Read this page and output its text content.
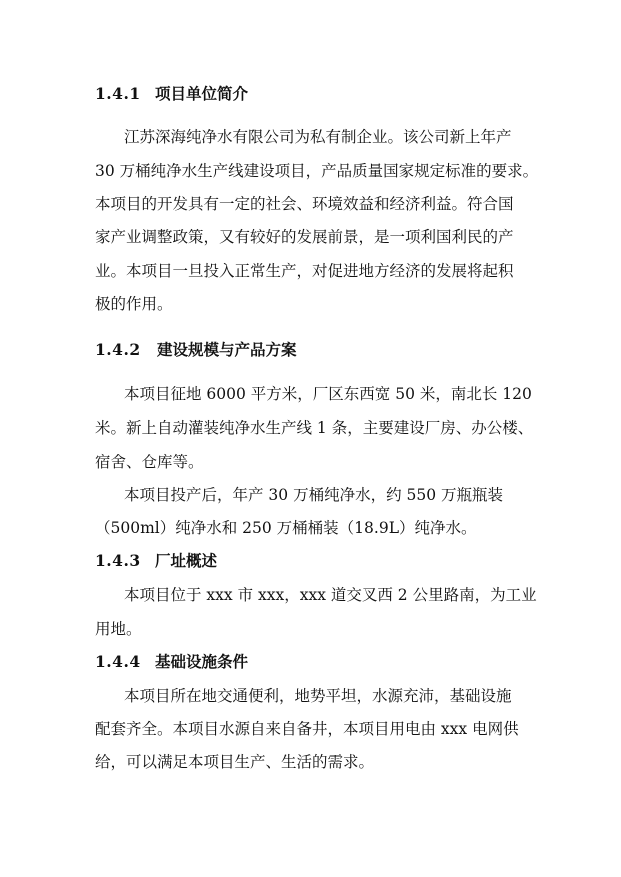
1.4.1 项目单位简介
江苏深海纯净水有限公司为私有制企业。该公司新上年产
30 万桶纯净水生产线建设项目，产品质量国家规定标准的要求。
本项目的开发具有一定的社会、环境效益和经济利益。符合国
家产业调整政策，又有较好的发展前景，是一项利国利民的产
业。本项目一旦投入正常生产，对促进地方经济的发展将起积
极的作用。
1.4.2 建设规模与产品方案
本项目征地 6000 平方米，厂区东西宽 50 米，南北长 120
米。新上自动灌装纯净水生产线 1 条，主要建设厂房、办公楼、
宿舍、仓库等。
本项目投产后，年产 30 万桶纯净水，约 550 万瓶瓶装
（500ml）纯净水和 250 万桶桶装（18.9L）纯净水。
1.4.3 厂址概述
本项目位于 xxx 市 xxx，xxx 道交叉西 2 公里路南，为工业
用地。
1.4.4 基础设施条件
本项目所在地交通便利，地势平坦，水源充沛，基础设施
配套齐全。本项目水源自来自备井，本项目用电由 xxx 电网供
给，可以满足本项目生产、生活的需求。
